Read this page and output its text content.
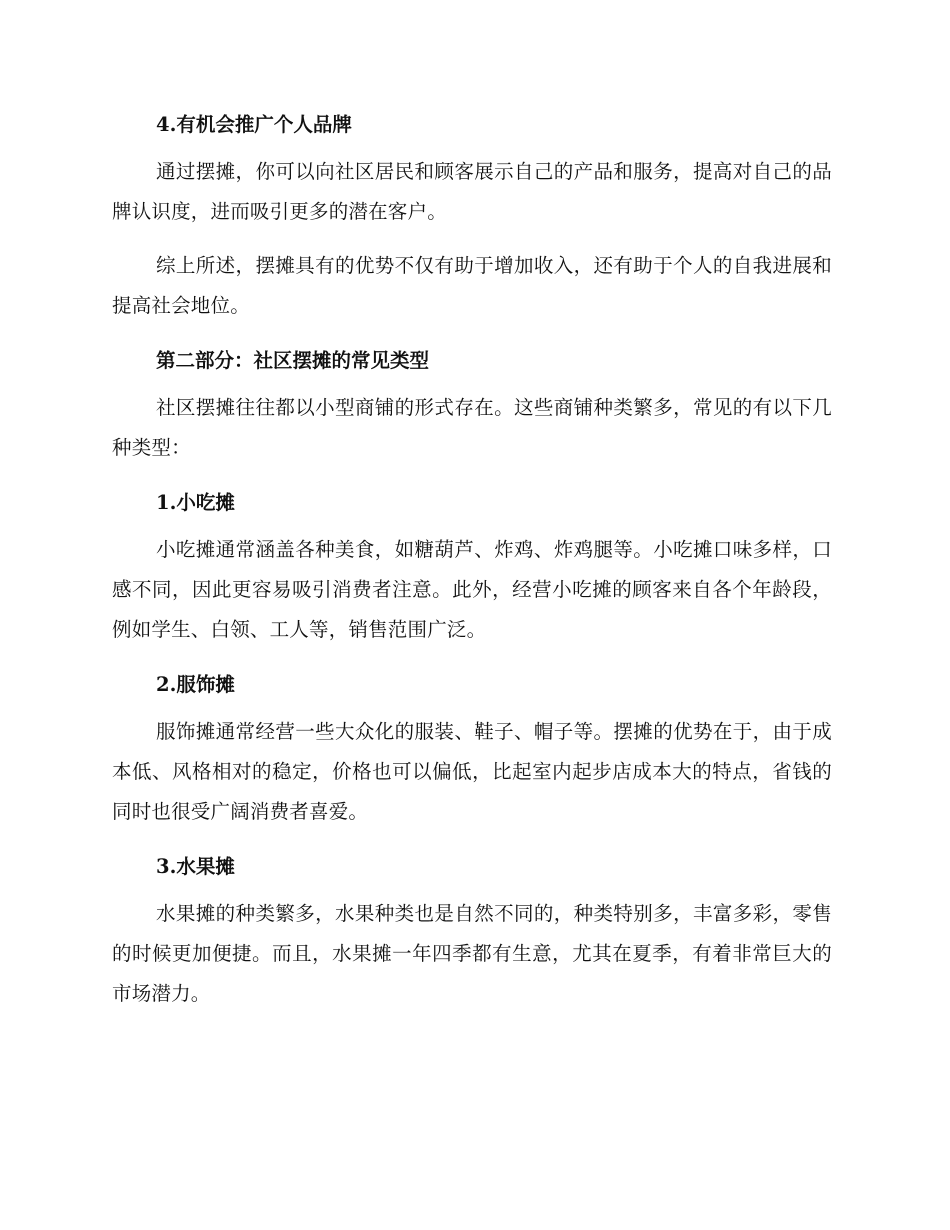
4.有机会推广个人品牌

通过摆摊，你可以向社区居民和顾客展示自己的产品和服务，提高对自己的品牌认识度，进而吸引更多的潜在客户。

综上所述，摆摊具有的优势不仅有助于增加收入，还有助于个人的自我进展和提高社会地位。

第二部分：社区摆摊的常见类型

社区摆摊往往都以小型商铺的形式存在。这些商铺种类繁多，常见的有以下几种类型：

1.小吃摊

小吃摊通常涵盖各种美食，如糖葫芦、炸鸡、炸鸡腿等。小吃摊口味多样，口感不同，因此更容易吸引消费者注意。此外，经营小吃摊的顾客来自各个年龄段，例如学生、白领、工人等，销售范围广泛。

2.服饰摊

服饰摊通常经营一些大众化的服装、鞋子、帽子等。摆摊的优势在于，由于成本低、风格相对的稳定，价格也可以偏低，比起室内起步店成本大的特点，省钱的同时也很受广阔消费者喜爱。

3.水果摊

水果摊的种类繁多，水果种类也是自然不同的，种类特别多，丰富多彩，零售的时候更加便捷。而且，水果摊一年四季都有生意，尤其在夏季，有着非常巨大的市场潜力。
